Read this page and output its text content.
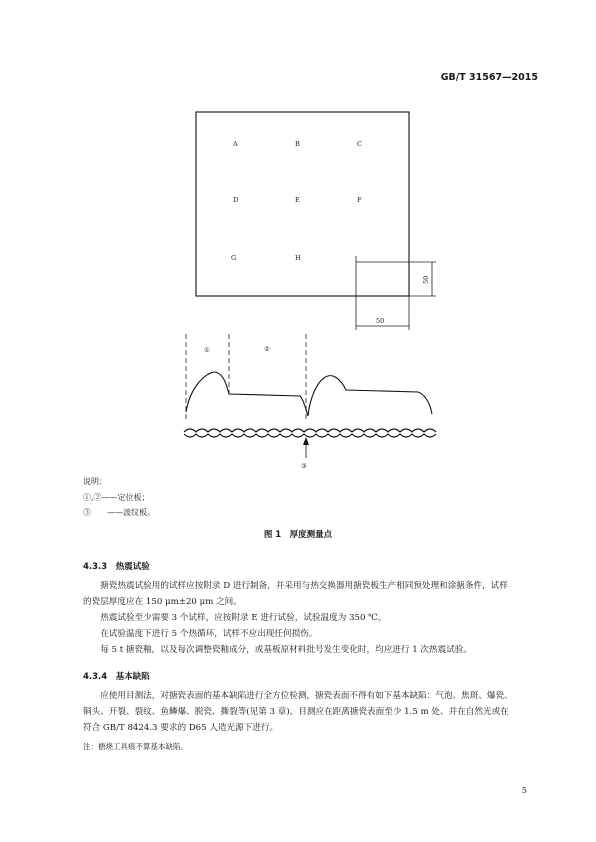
GB/T 31567—2015
A	B	C
D	E	F
G	H
50
50
①	②
③
说明：
①,②——定位板；
③　　——波纹板。
图 1　厚度测量点
4.3.3　热震试验

搪瓷热震试验用的试样应按附录 D 进行制备，并采用与热交换器用搪瓷板生产相同预处理和涂搪条件，试样的瓷层厚度应在 150 μm±20 μm 之间。

热震试验至少需要 3 个试样，应按附录 E 进行试验，试验温度为 350 ℃。

在试验温度下进行 5 个热循环，试样不应出现任何损伤。

每 5 t 搪瓷釉，以及每次调整瓷釉成分，或基板原材料批号发生变化时，均应进行 1 次热震试验。

4.3.4　基本缺陷

应使用目测法，对搪瓷表面的基本缺陷进行全方位检测，搪瓷表面不得有如下基本缺陷：气泡、焦斑、爆瓷、铜头、开裂、裂纹、鱼鳞爆、脱瓷、撕裂等(见第 3 章)。目测应在距离搪瓷表面至少 1.5 m 处、并在自然光或在符合 GB/T 8424.3 要求的 D65 人造光源下进行。

注：搪烧工具痕不算基本缺陷。
5
